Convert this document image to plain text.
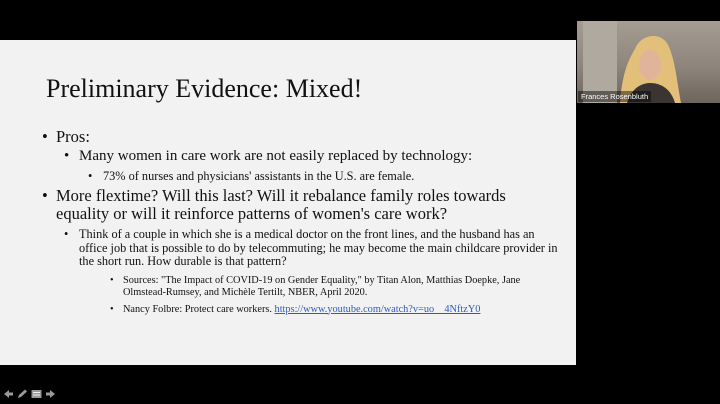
Preliminary Evidence: Mixed!

• Pros:

• Many women in care work are not easily replaced by technology:

• 73% of nurses and physicians' assistants in the U.S. are female.

• More flextime? Will this last? Will it rebalance family roles towards equality or will it reinforce patterns of women's care work?

• Think of a couple in which she is a medical doctor on the front lines, and the husband has an office job that is possible to do by telecommuting; he may become the main childcare provider in the short run. How durable is that pattern?

• Sources: "The Impact of COVID-19 on Gender Equality," by Titan Alon, Matthias Doepke, Jane Olmstead-Rumsey, and Michèle Tertilt, NBER, April 2020.

• Nancy Folbre: Protect care workers. https://www.youtube.com/watch?v=uo__4NftzY0

Frances Rosenbluth
